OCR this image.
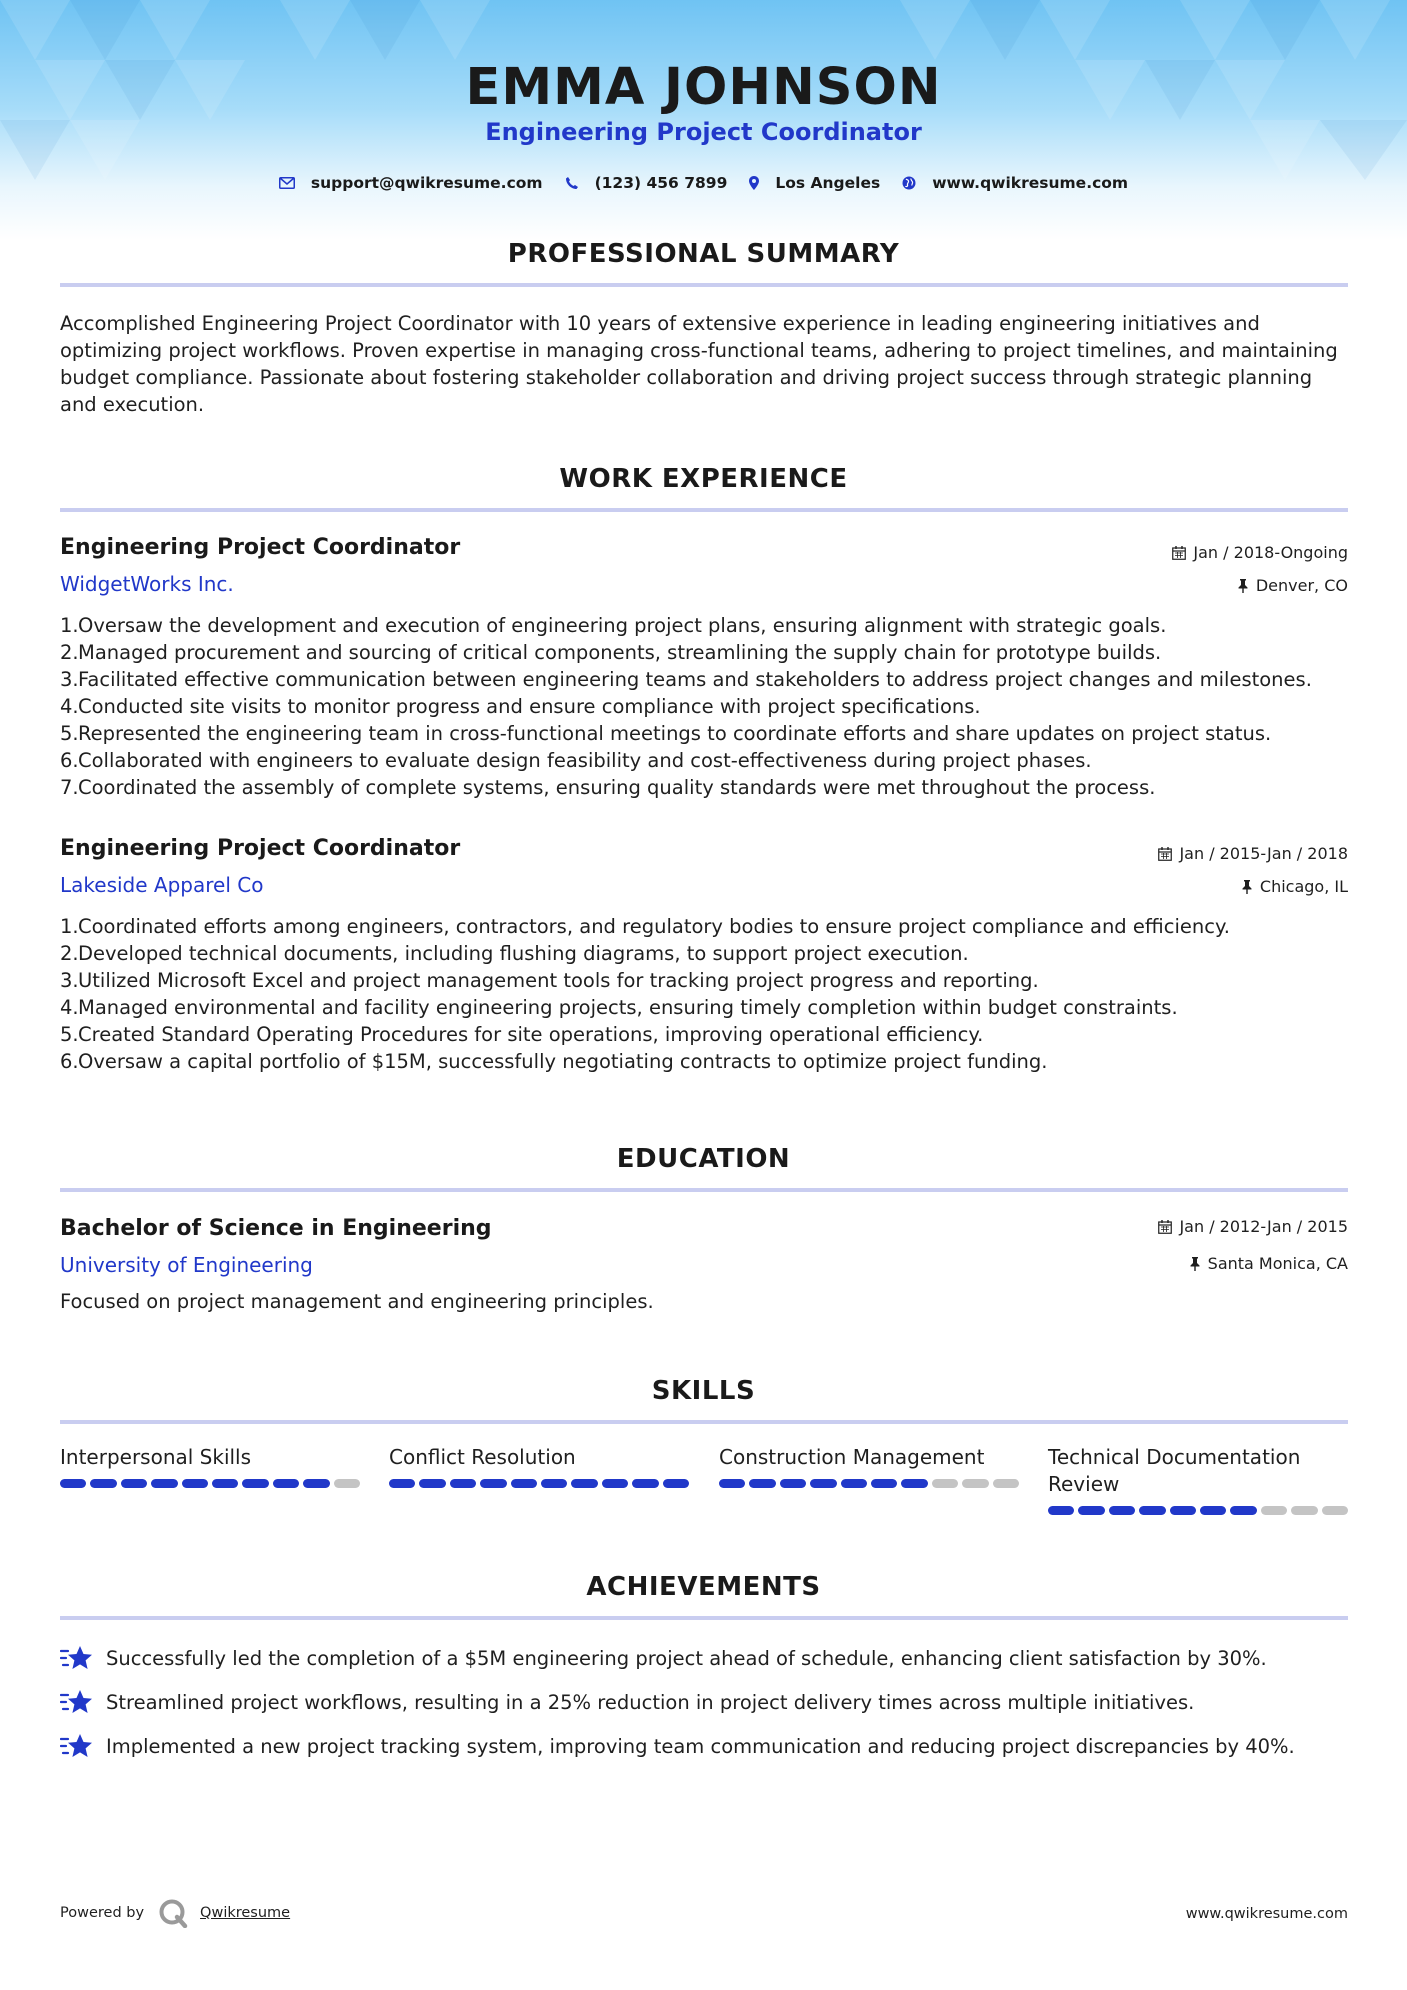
EMMA JOHNSON
Engineering Project Coordinator
support@qwikresume.com	(123) 456 7899	Los Angeles	www.qwikresume.com
PROFESSIONAL SUMMARY
Accomplished Engineering Project Coordinator with 10 years of extensive experience in leading engineering initiatives and optimizing project workflows. Proven expertise in managing cross-functional teams, adhering to project timelines, and maintaining budget compliance. Passionate about fostering stakeholder collaboration and driving project success through strategic planning and execution.
WORK EXPERIENCE
Engineering Project Coordinator	Jan / 2018-Ongoing
WidgetWorks Inc.	Denver, CO
1. Oversaw the development and execution of engineering project plans, ensuring alignment with strategic goals.
2. Managed procurement and sourcing of critical components, streamlining the supply chain for prototype builds.
3. Facilitated effective communication between engineering teams and stakeholders to address project changes and milestones.
4. Conducted site visits to monitor progress and ensure compliance with project specifications.
5. Represented the engineering team in cross-functional meetings to coordinate efforts and share updates on project status.
6. Collaborated with engineers to evaluate design feasibility and cost-effectiveness during project phases.
7. Coordinated the assembly of complete systems, ensuring quality standards were met throughout the process.
Engineering Project Coordinator	Jan / 2015-Jan / 2018
Lakeside Apparel Co	Chicago, IL
1. Coordinated efforts among engineers, contractors, and regulatory bodies to ensure project compliance and efficiency.
2. Developed technical documents, including flushing diagrams, to support project execution.
3. Utilized Microsoft Excel and project management tools for tracking project progress and reporting.
4. Managed environmental and facility engineering projects, ensuring timely completion within budget constraints.
5. Created Standard Operating Procedures for site operations, improving operational efficiency.
6. Oversaw a capital portfolio of $15M, successfully negotiating contracts to optimize project funding.
EDUCATION
Bachelor of Science in Engineering	Jan / 2012-Jan / 2015
University of Engineering	Santa Monica, CA
Focused on project management and engineering principles.
SKILLS
Interpersonal Skills	Conflict Resolution	Construction Management	Technical Documentation Review
ACHIEVEMENTS
Successfully led the completion of a $5M engineering project ahead of schedule, enhancing client satisfaction by 30%.
Streamlined project workflows, resulting in a 25% reduction in project delivery times across multiple initiatives.
Implemented a new project tracking system, improving team communication and reducing project discrepancies by 40%.
Powered by	Qwikresume	www.qwikresume.com
